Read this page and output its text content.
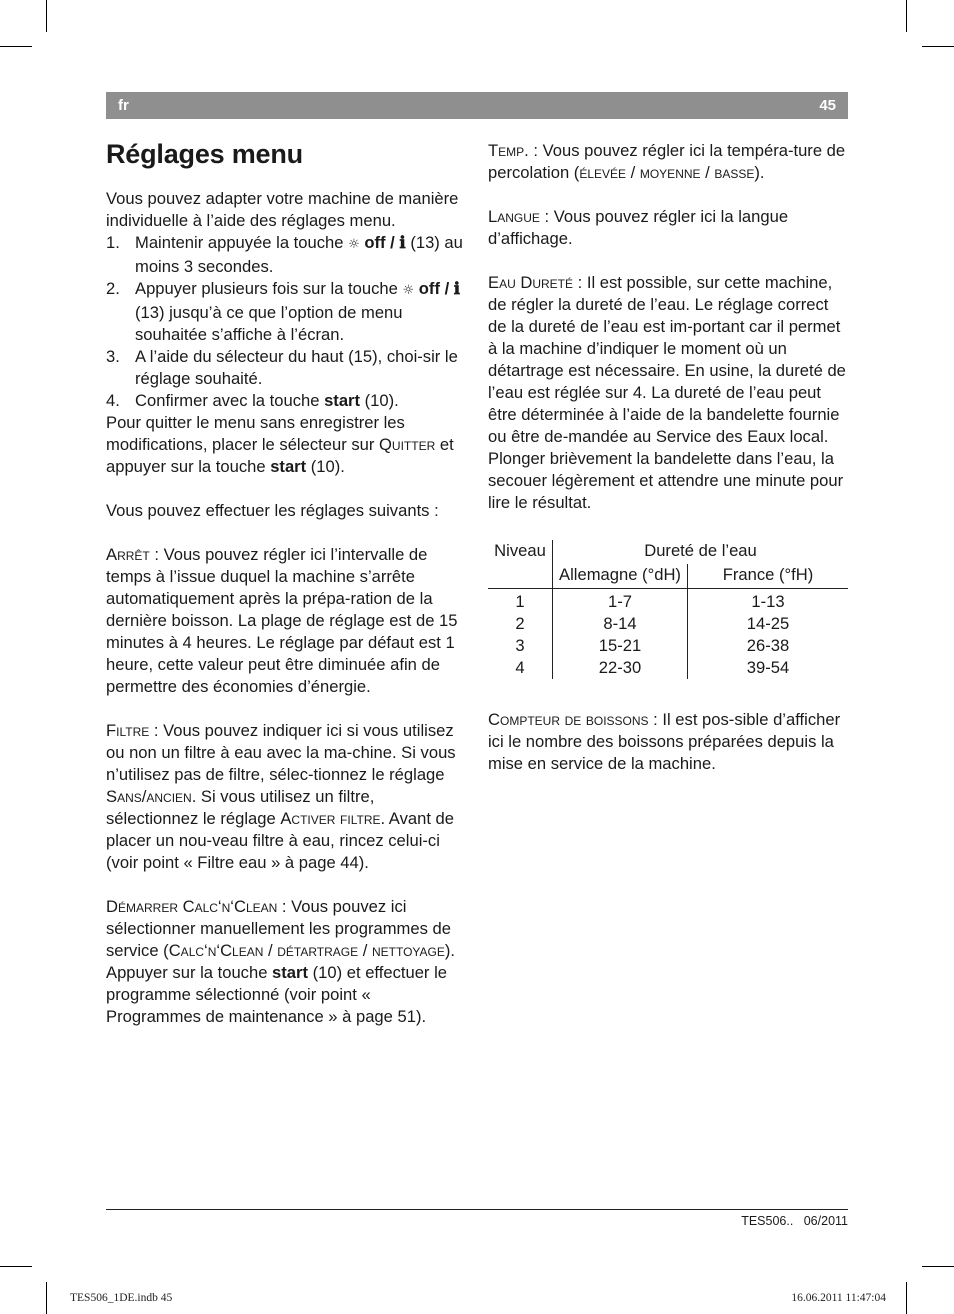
fr	45
Réglages menu

Vous pouvez adapter votre machine de manière individuelle à l’aide des réglages menu.

1. Maintenir appuyée la touche ☼ off / ℹ (13) au moins 3 secondes.
2. Appuyer plusieurs fois sur la touche ☼ off / ℹ (13) jusqu’à ce que l’option de menu souhaitée s’affiche à l’écran.
3. A l’aide du sélecteur du haut (15), choi-sir le réglage souhaité.
4. Confirmer avec la touche start (10).

Pour quitter le menu sans enregistrer les modifications, placer le sélecteur sur Quitter et appuyer sur la touche start (10).

Vous pouvez effectuer les réglages suivants :

Arrêt : Vous pouvez régler ici l’intervalle de temps à l’issue duquel la machine s’arrête automatiquement après la prépa-ration de la dernière boisson. La plage de réglage est de 15 minutes à 4 heures. Le réglage par défaut est 1 heure, cette valeur peut être diminuée afin de permettre des économies d’énergie.

Filtre : Vous pouvez indiquer ici si vous utilisez ou non un filtre à eau avec la ma-chine. Si vous n’utilisez pas de filtre, sélec-tionnez le réglage Sans/ancien. Si vous utilisez un filtre, sélectionnez le réglage Activer filtre. Avant de placer un nou-veau filtre à eau, rincez celui-ci (voir point « Filtre eau » à page 44).

Démarrer Calc‘n‘Clean : Vous pouvez ici sélectionner manuellement les programmes de service (Calc‘n‘Clean / détartrage / nettoyage). Appuyer sur la touche start (10) et effectuer le programme sélectionné (voir point « Programmes de maintenance » à page 51).

Temp. : Vous pouvez régler ici la tempéra-ture de percolation (élevée / moyenne / basse).

Langue : Vous pouvez régler ici la langue d’affichage.

Eau Dureté : Il est possible, sur cette machine, de régler la dureté de l’eau. Le réglage correct de la dureté de l’eau est im-portant car il permet à la machine d’indiquer le moment où un détartrage est nécessaire. En usine, la dureté de l’eau est réglée sur 4. La dureté de l’eau peut être déterminée à l’aide de la bandelette fournie ou être de-mandée au Service des Eaux local. Plonger brièvement la bandelette dans l’eau, la secouer légèrement et attendre une minute pour lire le résultat.

Niveau	Dureté de l’eau	
	Allemagne (°dH)	France (°fH)

1	1-7	1-13
2	8-14	14-25
3	15-21	26-38
4	22-30	39-54

Compteur de boissons : Il est pos-sible d’afficher ici le nombre des boissons préparées depuis la mise en service de la machine.

TES506.. 06/2011
TES506_1DE.indb 45	16.06.2011 11:47:04
